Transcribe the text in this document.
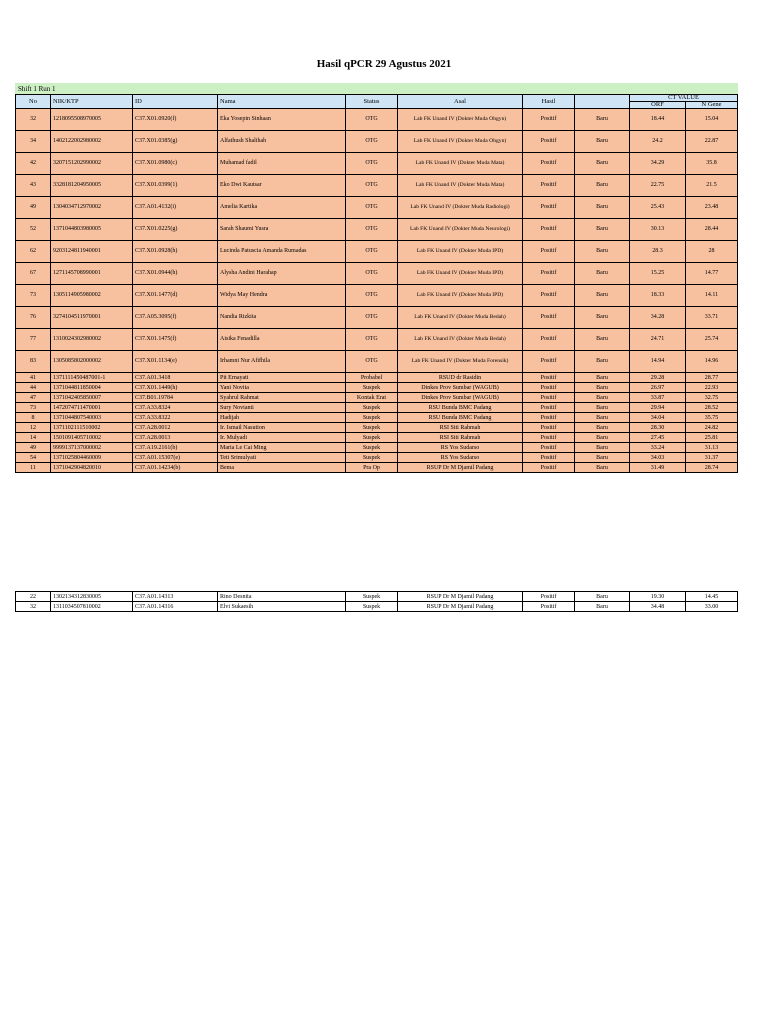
Hasil qPCR 29 Agustus 2021
Shift 1 Run 1									
No	NIK/KTP	ID	Nama	Status	Asal	Hasil		CT VALUE	
								ORF	N Gene
32	1218095508970005	C37.X01.0920(f)	Eka Yosepin Sinhaan	OTG	Lab FK Unand IV (Dokter Muda Obgyn)	Positif	Baru	18.44	15.04
34	1402122002980002	C37.X01.0385(g)	Alfathush Shalihah	OTG	Lab FK Unand IV (Dokter Muda Obgyn)	Positif	Baru	24.2	22.87
42	3207151202990002	C37.X01.0980(c)	Muhamad fadil	OTG	Lab FK Unand IV (Dokter Muda Mata)	Positif	Baru	34.29	35.8
43	3328181204950005	C37.X01.0399(1)	Eko Dwi Kautsar	OTG	Lab FK Unand IV (Dokter Muda Mata)	Positif	Baru	22.75	21.5
49	1304034712970002	C37.A01.4132(i)	Amelia Kartika	OTG	Lab FK Unand IV (Dokter Muda Radiologi)	Positif	Baru	25.43	23.48
52	1371044803980005	C37.X01.0225(g)	Sarah Shaumi Yusra	OTG	Lab FK Unand IV (Dokter Muda Neurologi)	Positif	Baru	30.13	28.44
62	9203124811940001	C37.X01.0928(h)	Lucinda Patuscia Amanda Rumadas	OTG	Lab FK Unand IV (Dokter Muda IPD)	Positif	Baru	28.3	28
67	1271145708990001	C37.X01.0944(h)	Alysha Andini Harahap	OTG	Lab FK Unand IV (Dokter Muda IPD)	Positif	Baru	15.25	14.77
73	1305114905980002	C37.X01.1477(d)	Widya May Hendra	OTG	Lab FK Unand IV (Dokter Muda IPD)	Positif	Baru	18.33	14.11
76	3274104511970001	C37.A05.3095(f)	Nandia Rizkita	OTG	Lab FK Unand IV (Dokter Muda Bedah)	Positif	Baru	34.28	33.71
77	1310024302980002	C37.X01.1475(f)	Aisika Fenadilla	OTG	Lab FK Unand IV (Dokter Muda Bedah)	Positif	Baru	24.71	25.74
83	1305085802000002	C37.X01.1134(e)	Irhamni Nur Afifhila	OTG	Lab FK Unand IV (Dokter Muda Forensik)	Positif	Baru	14.94	14.96
41	1371111450487001-1	C37.A01.3418	Pit Ernayati	Probabel	RSUD dr Rasidin	Positif	Baru	29.28	28.77
44	1371044811850004	C37.X01.1449(h)	Yani Novita	Suspek	Dinkes Prov Sumbar (WAGUB)	Positif	Baru	26.97	22.93
47	1371042405850007	C37.B01.19784	Syahrul Rahmat	Kontak Erat	Dinkes Prov Sumbar (WAGUB)	Positif	Baru	33.87	32.75
73	1472074711470001	C37.A33.8324	Sury Novianti	Suspek	RSU Bunda BMC Padang	Positif	Baru	29.94	28.52
8	1371044807540003	C37.A33.8322	Hadijah	Suspek	RSU Bunda BMC Padang	Positif	Baru	34.04	35.75
12	1371102111510002	C37.A28.0012	Ir. Ismail Nasution	Suspek	RSI Siti Rahmah	Positif	Baru	28.30	24.82
14	1501091405710002	C37.A28.0013	Ir. Mulyadi	Suspek	RSI Siti Rahmah	Positif	Baru	27.45	25.81
49	9999137137000002	C37.A19.2161(b)	Maria Le Cai Ming	Suspek	RS Yos Sudarso	Positif	Baru	33.24	31.13
54	1371025804460009	C37.A01.15307(e)	Teti Srimulyati	Suspek	RS Yos Sudarso	Positif	Baru	34.03	31.37
11	1371042904820010	C37.A01.14234(b)	Bema	Pra Op	RSUP Dr M Djamil Padang	Positif	Baru	31.49	28.74
22	1302134312830005	C37.A01.14313	Rino Desnita	Suspek	RSUP Dr M Djamil Padang	Positif	Baru	19.30	14.45
32	1311034507810002	C37.A01.14316	Elvi Sukaesih	Suspek	RSUP Dr M Djamil Padang	Positif	Baru	34.48	33.00
